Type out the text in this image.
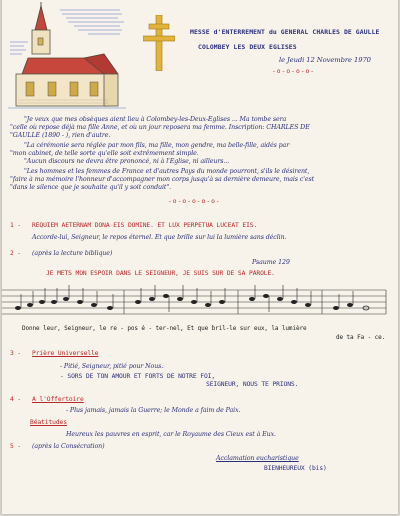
MESSE d'ENTERREMENT du GENERAL CHARLES DE GAULLE
COLOMBEY LES DEUX EGLISES
le Jeudi 12 Novembre 1970
-o-o-o-o-
"Je veux que mes obsèques aient lieu à Colombey-les-Deux-Eglises ... Ma tombe sera
"celle où repose déjà ma fille Anne, et où un jour reposera ma femme. Inscription: CHARLES DE
"GAULLE (1890 - ), rien d'autre.
"La cérémonie sera réglée par mon fils, ma fille, mon gendre, ma belle-fille, aidés par
"mon cabinet, de telle sorte qu'elle soit extrêmement simple.
"Aucun discours ne devra être prononcé, ni à l'Eglise, ni ailleurs...
"Les hommes et les femmes de France et d'autres Pays du monde pourront, s'ils le désirent,
"faire à ma mémoire l'honneur d'accompagner mon corps jusqu'à sa dernière demeure, mais c'est
"dans le silence que je souhaite qu'il y soit conduit".
-o-o-o-o-o-
1 - REQUIEM AETERNAM DONA EIS DOMINE. ET LUX PERPETUA LUCEAT EIS.
Accorde-lui, Seigneur, le repos éternel. Et que brille sur lui la lumière sans déclin.
2 - (après la lecture biblique)
Psaume 129
JE METS MON ESPOIR DANS LE SEIGNEUR, JE SUIS SUR DE SA PAROLE.
Donne leur, Seigneur, le re - pos é - ter-nel, Et que bril-le sur eux, la lumière
de ta Fa - ce.
3 - Prière Universelle
- Pitié, Seigneur, pitié pour Nous.
- SORS DE TON AMOUR ET FORTS DE NOTRE FOI,
SEIGNEUR, NOUS TE PRIONS.
4 - A l'Offertoire
- Plus jamais, jamais la Guerre; le Monde a faim de Paix.
Béatitudes
Heureux les pauvres en esprit, car le Royaume des Cieux est à Eux.
5 - (après la Consécration)
Acclamation eucharistique
BIENHEUREUX (bis)
